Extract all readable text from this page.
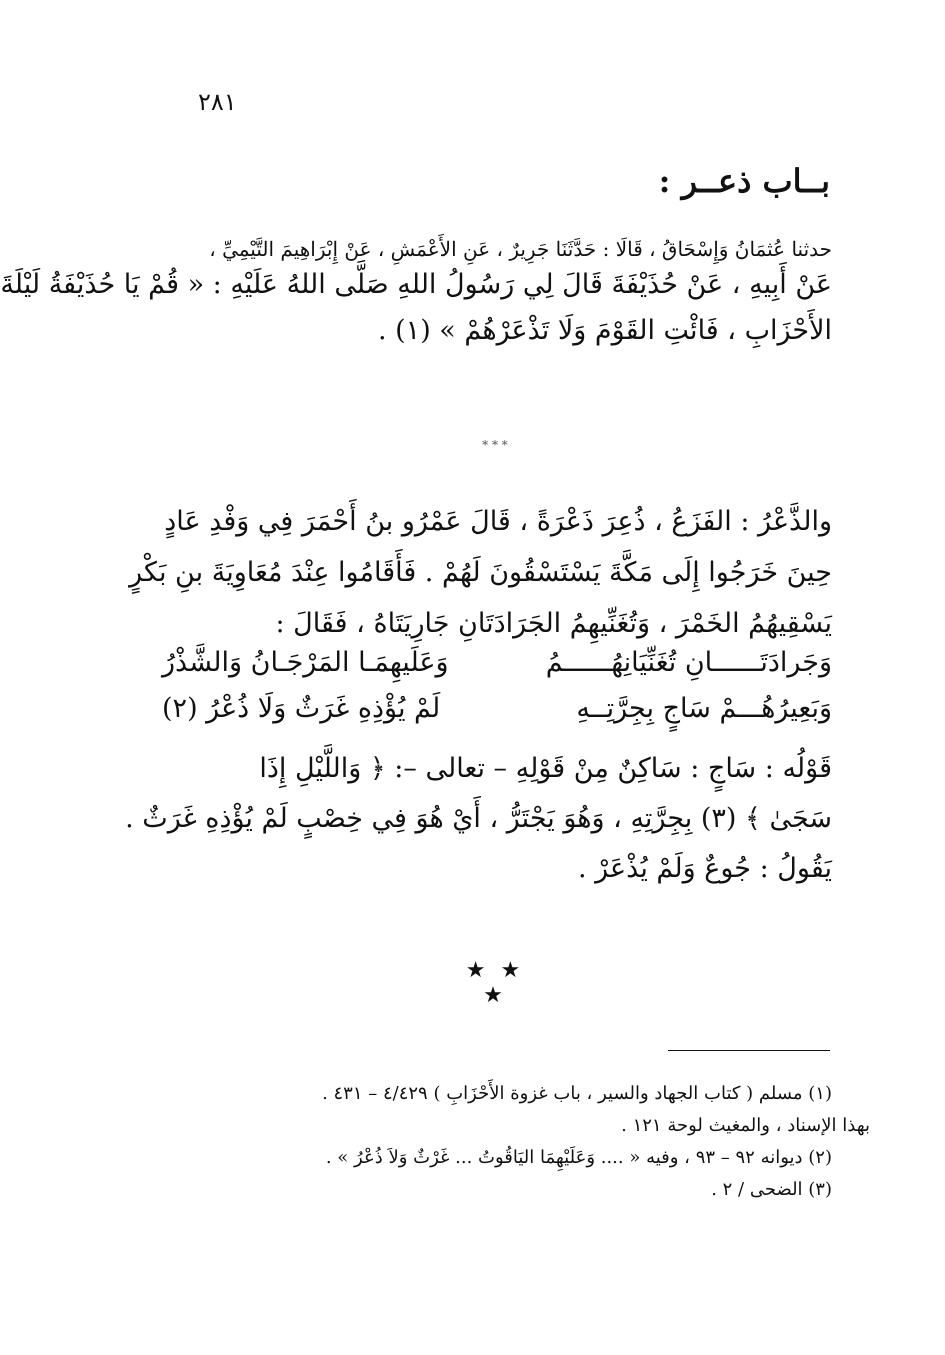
٢٨١
بــاب ذعــر :
حدثنا عُثمَانُ وَإِسْحَاقُ ، قَالَا : حَدَّثَنَا جَرِيرٌ ، عَنِ الأَعْمَشِ ، عَنْ إِبْرَاهِيمَ التَّيْمِيِّ ،
عَنْ أَبِيهِ ، عَنْ حُذَيْفَةَ قَالَ لِي رَسُولُ اللهِ صَلَّى اللهُ عَلَيْهِ : « قُمْ يَا حُذَيْفَةُ لَيْلَةَ
الأَحْزَابِ ، فَائْتِ القَوْمَ وَلَا تَذْعَرْهُمْ » (١) .
* * *
والذَّعْرُ : الفَزَعُ ، ذُعِرَ ذَعْرَةً ، قَالَ عَمْرُو بنُ أَحْمَرَ فِي وَفْدِ عَادٍ
حِينَ خَرَجُوا إِلَى مَكَّةَ يَسْتَسْقُونَ لَهُمْ . فَأَقَامُوا عِنْدَ مُعَاوِيَةَ بنِ بَكْرٍ
يَسْقِيهُمُ الخَمْرَ ، وَتُغَنِّيهِمُ الجَرَادَتَانِ جَارِيَتَاهُ ، فَقَالَ :
وَجَرادَتَــــــانِ تُغَنِّيَانِهُــــــمُ
وَعَلَيهِمَـا المَرْجَـانُ وَالشَّذْرُ
وَبَعِيرُهُـــمْ سَاجٍ بِجِرَّتِــهِ
لَمْ يُؤْذِهِ غَرَثٌ وَلَا ذُعْرُ (٢)
قَوْلُه : سَاجٍ : سَاكِنٌ مِنْ قَوْلِهِ – تعالى –: ﴿ وَاللَّيْلِ إِذَا
سَجَىٰ ﴾ (٣) بِجِرَّتِهِ ، وَهُوَ يَجْتَرُّ ، أَيْ هُوَ فِي خِصْبٍ لَمْ يُؤْذِهِ غَرَثٌ .
يَقُولُ : جُوعٌ وَلَمْ يُذْعَرْ .
★ ★ ★
(١) مسلم ( كتاب الجهاد والسير ، باب غزوة الأَحْزَابِ ) ٤/٤٢٩ – ٤٣١ .
بهذا الإسناد ، والمغيث لوحة ١٢١ .
(٢) ديوانه ٩٢ – ٩٣ ، وفيه « .... وَعَلَيْهِمَا اليَاقُوتُ ... غَرْثٌ وَلاَ ذُعْرُ » .
(٣) الضحى / ٢ .
